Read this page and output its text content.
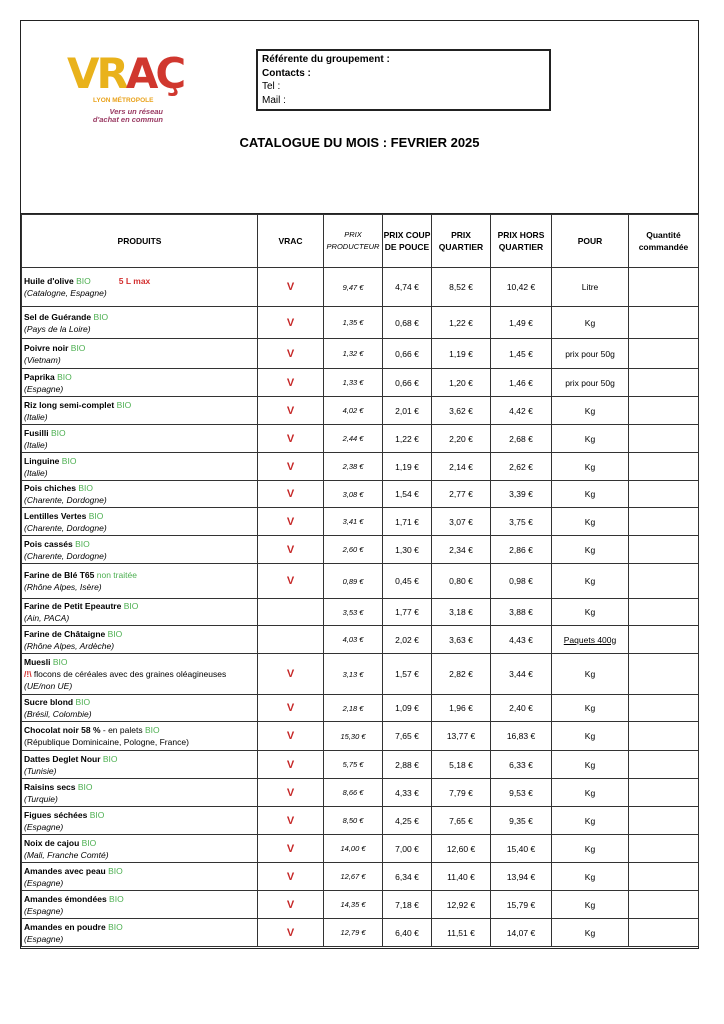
VRAÇ
LYON MÉTROPOLE
Vers un réseau
d'achat en commun
Référente du groupement :
Contacts :
Tel :
Mail :
CATALOGUE DU MOIS : FEVRIER 2025
PRODUITS	VRAC	PRIX PRODUCTEUR	PRIX COUP DE POUCE	PRIX QUARTIER	PRIX HORS QUARTIER	POUR	Quantité commandée

Huile d'olive BIO 5 L max
(Catalogne, Espagne)	V	9,47 €	4,74 €	8,52 €	10,42 €	Litre	

Sel de Guérande BIO
(Pays de la Loire)	V	1,35 €	0,68 €	1,22 €	1,49 €	Kg	

Poivre noir BIO
(Vietnam)	V	1,32 €	0,66 €	1,19 €	1,45 €	prix pour 50g	

Paprika BIO
(Espagne)	V	1,33 €	0,66 €	1,20 €	1,46 €	prix pour 50g	

Riz long semi-complet BIO
(Italie)	V	4,02 €	2,01 €	3,62 €	4,42 €	Kg	

Fusilli BIO
(Italie)	V	2,44 €	1,22 €	2,20 €	2,68 €	Kg	

Linguine BIO
(Italie)	V	2,38 €	1,19 €	2,14 €	2,62 €	Kg	

Pois chiches BIO
(Charente, Dordogne)	V	3,08 €	1,54 €	2,77 €	3,39 €	Kg	

Lentilles Vertes BIO
(Charente, Dordogne)	V	3,41 €	1,71 €	3,07 €	3,75 €	Kg	

Pois cassés BIO
(Charente, Dordogne)	V	2,60 €	1,30 €	2,34 €	2,86 €	Kg	

Farine de Blé T65 non traitée
(Rhône Alpes, Isère)	V	0,89 €	0,45 €	0,80 €	0,98 €	Kg	

Farine de Petit Epeautre BIO
(Ain, PACA)		3,53 €	1,77 €	3,18 €	3,88 €	Kg	

Farine de Châtaigne BIO
(Rhône Alpes, Ardèche)		4,03 €	2,02 €	3,63 €	4,43 €	Paquets 400g	

Muesli BIO
/!\ flocons de céréales avec des graines oléagineuses
(UE/non UE)	V	3,13 €	1,57 €	2,82 €	3,44 €	Kg	

Sucre blond BIO
(Brésil, Colombie)	V	2,18 €	1,09 €	1,96 €	2,40 €	Kg	

Chocolat noir 58 % - en palets BIO
(République Dominicaine, Pologne, France)	V	15,30 €	7,65 €	13,77 €	16,83 €	Kg	

Dattes Deglet Nour BIO
(Tunisie)	V	5,75 €	2,88 €	5,18 €	6,33 €	Kg	

Raisins secs BIO
(Turquie)	V	8,66 €	4,33 €	7,79 €	9,53 €	Kg	

Figues séchées BIO
(Espagne)	V	8,50 €	4,25 €	7,65 €	9,35 €	Kg	

Noix de cajou BIO
(Mali, Franche Comté)	V	14,00 €	7,00 €	12,60 €	15,40 €	Kg	

Amandes avec peau BIO
(Espagne)	V	12,67 €	6,34 €	11,40 €	13,94 €	Kg	

Amandes émondées BIO
(Espagne)	V	14,35 €	7,18 €	12,92 €	15,79 €	Kg	

Amandes en poudre BIO
(Espagne)	V	12,79 €	6,40 €	11,51 €	14,07 €	Kg	
